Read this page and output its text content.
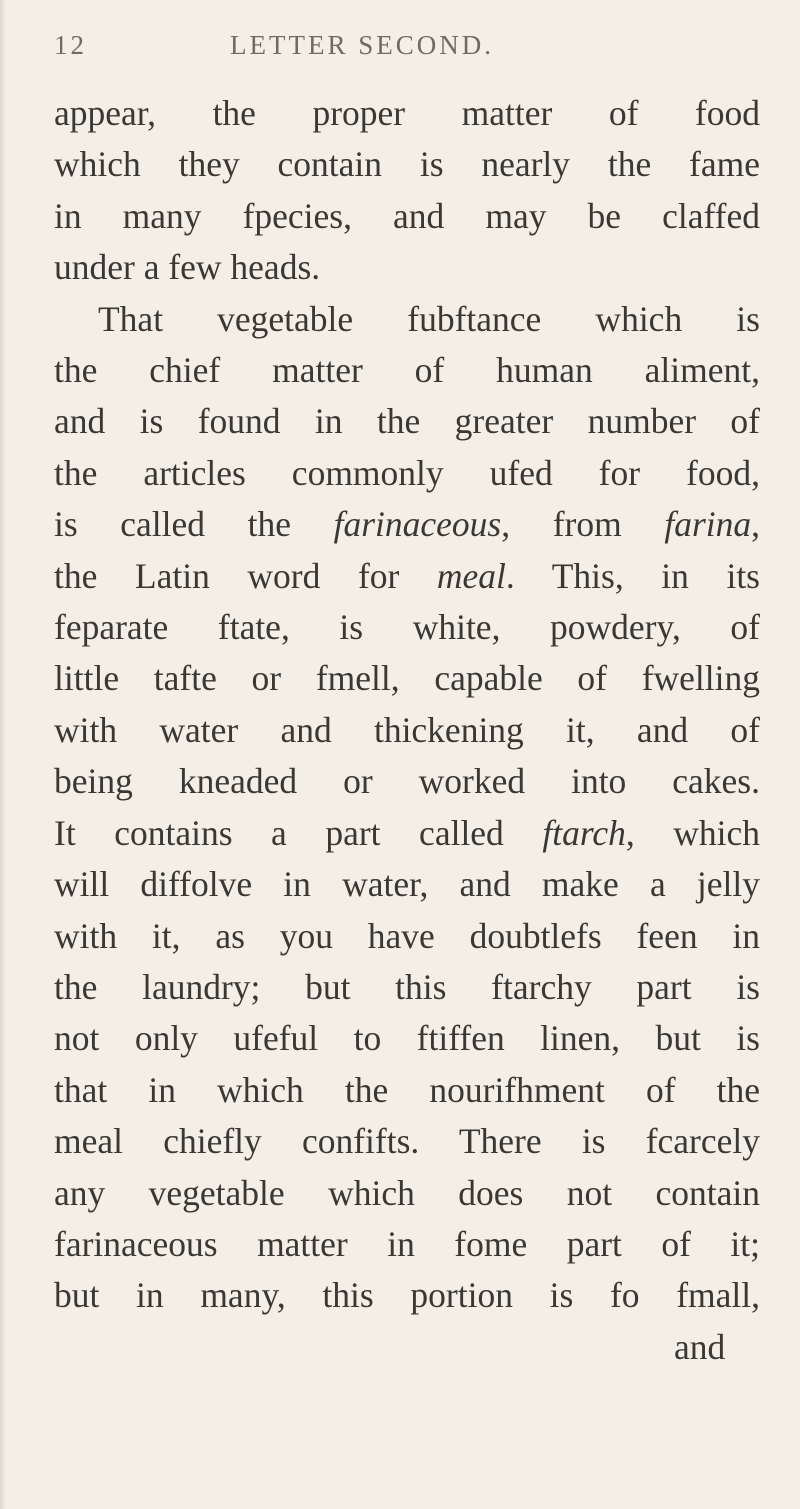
12	LETTER SECOND.
appear, the proper matter of food
which they contain is nearly the fame
in many fpecies, and may be claffed
under a few heads.
That vegetable fubftance which is
the chief matter of human aliment,
and is found in the greater number of
the articles commonly ufed for food,
is called the farinaceous, from farina,
the Latin word for meal. This, in its
feparate ftate, is white, powdery, of
little tafte or fmell, capable of fwelling
with water and thickening it, and of
being kneaded or worked into cakes.
It contains a part called ftarch, which
will diffolve in water, and make a jelly
with it, as you have doubtlefs feen in
the laundry; but this ftarchy part is
not only ufeful to ftiffen linen, but is
that in which the nourifhment of the
meal chiefly confifts. There is fcarcely
any vegetable which does not contain
farinaceous matter in fome part of it;
but in many, this portion is fo fmall,
and
